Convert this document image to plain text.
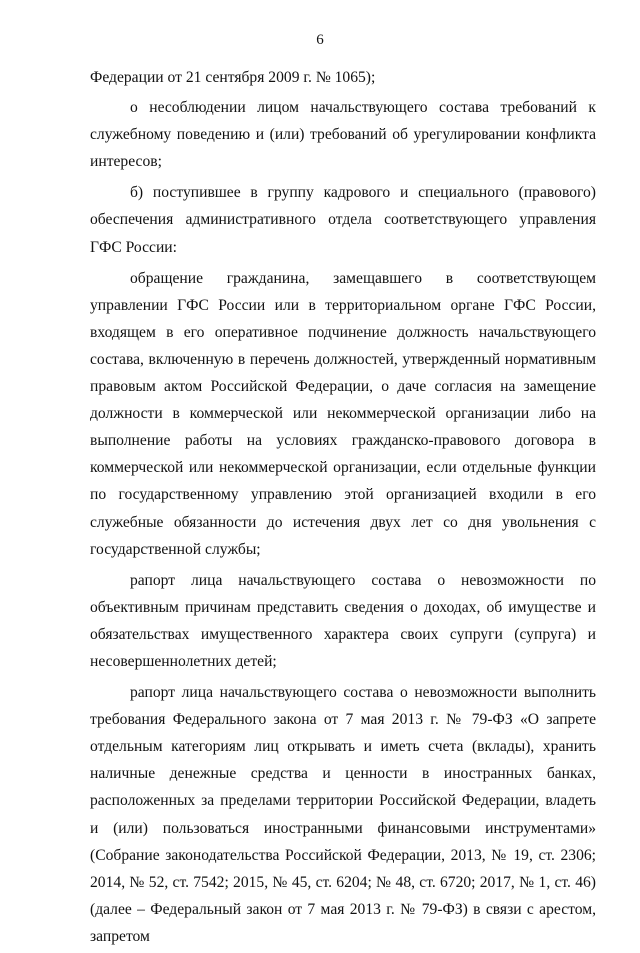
6

Федерации от 21 сентября 2009 г. № 1065);

о несоблюдении лицом начальствующего состава требований к служебному поведению и (или) требований об урегулировании конфликта интересов;

б) поступившее в группу кадрового и специального (правового) обеспечения административного отдела соответствующего управления ГФС России:

обращение гражданина, замещавшего в соответствующем управлении ГФС России или в территориальном органе ГФС России, входящем в его оперативное подчинение должность начальствующего состава, включенную в перечень должностей, утвержденный нормативным правовым актом Российской Федерации, о даче согласия на замещение должности в коммерческой или некоммерческой организации либо на выполнение работы на условиях гражданско-правового договора в коммерческой или некоммерческой организации, если отдельные функции по государственному управлению этой организацией входили в его служебные обязанности до истечения двух лет со дня увольнения с государственной службы;

рапорт лица начальствующего состава о невозможности по объективным причинам представить сведения о доходах, об имуществе и обязательствах имущественного характера своих супруги (супруга) и несовершеннолетних детей;

рапорт лица начальствующего состава о невозможности выполнить требования Федерального закона от 7 мая 2013 г. № 79-ФЗ «О запрете отдельным категориям лиц открывать и иметь счета (вклады), хранить наличные денежные средства и ценности в иностранных банках, расположенных за пределами территории Российской Федерации, владеть и (или) пользоваться иностранными финансовыми инструментами» (Собрание законодательства Российской Федерации, 2013, № 19, ст. 2306; 2014, № 52, ст. 7542; 2015, № 45, ст. 6204; № 48, ст. 6720; 2017, № 1, ст. 46) (далее – Федеральный закон от 7 мая 2013 г. № 79-ФЗ) в связи с арестом, запретом
